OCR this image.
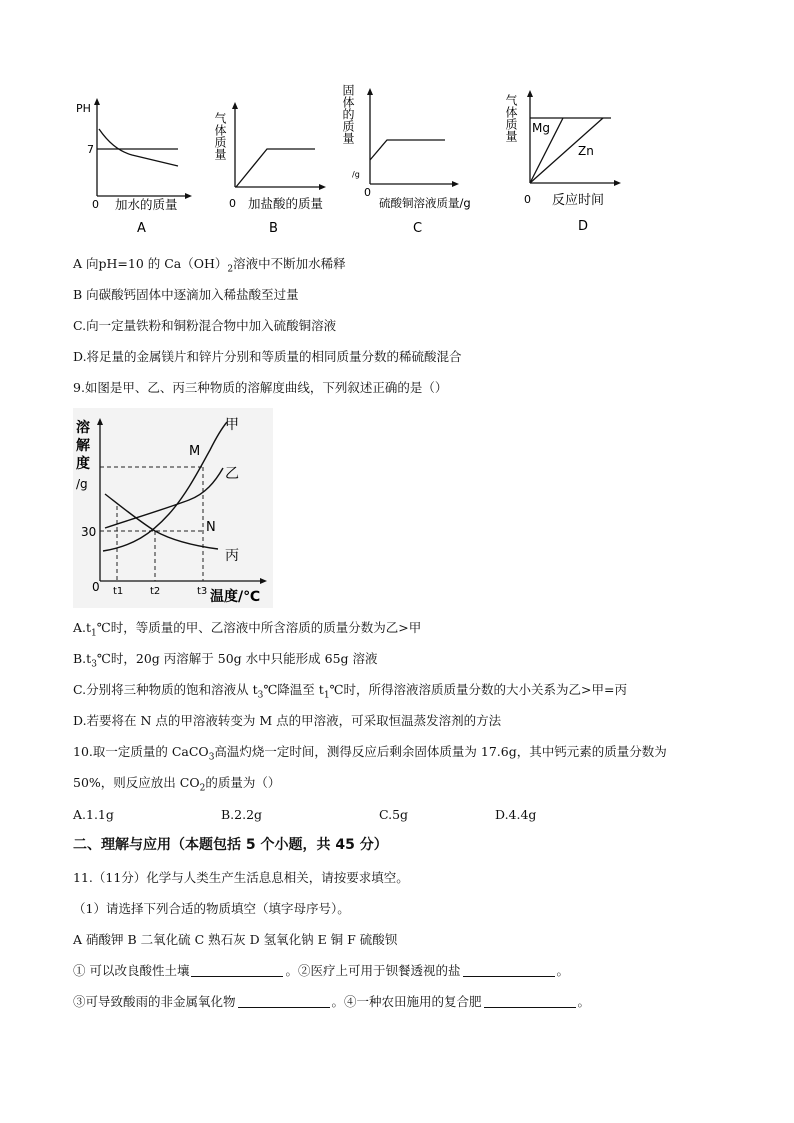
PH
7
0 加水的质量
A
气体质量
0 加盐酸的质量
B
固体的质量
/g
0
硫酸铜溶液质量/g
C
气体质量 Mg
Zn
0 反应时间
D
A 向pH=10 的 $Ca(OH)_2$溶液中不断加水稀释
B 向碳酸钙固体中逐滴加入稀盐酸至过量
C.向一定量铁粉和铜粉混合物中加入硫酸铜溶液
D.将足量的金属镁片和锌片分别和等质量的相同质量分数的稀硫酸混合
9.如图是甲、乙、丙三种物质的溶解度曲线，下列叙述正确的是（）
溶
解
度
/g
30
0 t1	t2	t3 温度/℃
甲
乙
丙
M
N
$A.t_1℃$时，等质量的甲、乙溶液中所含溶质的质量分数为乙>甲
$B.t_3℃$时，20g 丙溶解于 50g 水中只能形成 65g 溶液
C.分别将三种物质的饱和溶液从 $t_3℃$降温至 $t_1℃$时，所得溶液溶质质量分数的大小关系为乙>甲=丙
D.若要将在 N 点的甲溶液转变为 M 点的甲溶液，可采取恒温蒸发溶剂的方法
10.取一定质量的 CaCO$_3$高温灼烧一定时间，测得反应后剩余固体质量为 17.6g，其中钙元素的质量分数为
50%，则反应放出 $CO_2$的质量为（）
A.1.1g	B.2.2g	C.5g	D.4.4g
二、理解与应用（本题包括 5 个小题，共 45 分）
11.（11分）化学与人类生产生活息息相关，请按要求填空。
（1）请选择下列合适的物质填空（填字母序号）。
A 硝酸钾 B 二氧化硫 C 熟石灰 D 氢氧化钠 E 铜 F 硫酸钡
① 可以改良酸性土壤	。②医疗上可用于钡餐透视的盐	。
③可导致酸雨的非金属氧化物	。④一种农田施用的复合肥	。
